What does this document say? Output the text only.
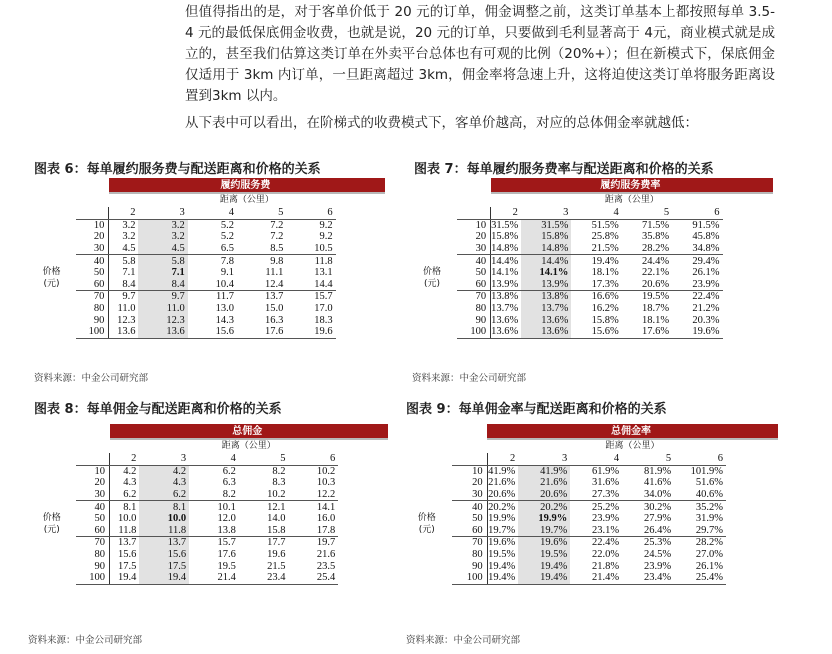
但值得指出的是，对于客单价低于 20 元的订单，佣金调整之前，这类订单基本上都按照每单 3.5-4 元的最低保底佣金收费，也就是说，20 元的订单，只要做到毛利显著高于 4元，商业模式就是成立的，甚至我们估算这类订单在外卖平台总体也有可观的比例（20%+）；但在新模式下，保底佣金仅适用于 3km 内订单，一旦距离超过 3km，佣金率将急速上升，这将迫使这类订单将服务距离设置到3km 以内。

从下表中可以看出，在阶梯式的收费模式下，客单价越高，对应的总体佣金率就越低：

图表 6：每单履约服务费与配送距离和价格的关系
		履约服务费				
		距离（公里）				
		2	3	4	5	6
	10	3.2	3.2	5.2	7.2	9.2
	20	3.2	3.2	5.2	7.2	9.2
	30	4.5	4.5	6.5	8.5	10.5
	40	5.8	5.8	7.8	9.8	11.8
价格	50	7.1	7.1	9.1	11.1	13.1
(元)	60	8.4	8.4	10.4	12.4	14.4
	70	9.7	9.7	11.7	13.7	15.7
	80	11.0	11.0	13.0	15.0	17.0
	90	12.3	12.3	14.3	16.3	18.3
	100	13.6	13.6	15.6	17.6	19.6
资料来源：中金公司研究部
图表 7：每单履约服务费率与配送距离和价格的关系
		履约服务费率				
		距离（公里）				
		2	3	4	5	6
	10	31.5%	31.5%	51.5%	71.5%	91.5%
	20	15.8%	15.8%	25.8%	35.8%	45.8%
	30	14.8%	14.8%	21.5%	28.2%	34.8%
	40	14.4%	14.4%	19.4%	24.4%	29.4%
价格	50	14.1%	14.1%	18.1%	22.1%	26.1%
(元)	60	13.9%	13.9%	17.3%	20.6%	23.9%
	70	13.8%	13.8%	16.6%	19.5%	22.4%
	80	13.7%	13.7%	16.2%	18.7%	21.2%
	90	13.6%	13.6%	15.8%	18.1%	20.3%
	100	13.6%	13.6%	15.6%	17.6%	19.6%
资料来源：中金公司研究部
图表 8：每单佣金与配送距离和价格的关系
		总佣金				
		距离（公里）				
		2	3	4	5	6
	10	4.2	4.2	6.2	8.2	10.2
	20	4.3	4.3	6.3	8.3	10.3
	30	6.2	6.2	8.2	10.2	12.2
	40	8.1	8.1	10.1	12.1	14.1
价格	50	10.0	10.0	12.0	14.0	16.0
(元)	60	11.8	11.8	13.8	15.8	17.8
	70	13.7	13.7	15.7	17.7	19.7
	80	15.6	15.6	17.6	19.6	21.6
	90	17.5	17.5	19.5	21.5	23.5
	100	19.4	19.4	21.4	23.4	25.4
资料来源：中金公司研究部
图表 9：每单佣金率与配送距离和价格的关系
		总佣金率				
		距离（公里）				
		2	3	4	5	6
	10	41.9%	41.9%	61.9%	81.9%	101.9%
	20	21.6%	21.6%	31.6%	41.6%	51.6%
	30	20.6%	20.6%	27.3%	34.0%	40.6%
	40	20.2%	20.2%	25.2%	30.2%	35.2%
价格	50	19.9%	19.9%	23.9%	27.9%	31.9%
(元)	60	19.7%	19.7%	23.1%	26.4%	29.7%
	70	19.6%	19.6%	22.4%	25.3%	28.2%
	80	19.5%	19.5%	22.0%	24.5%	27.0%
	90	19.4%	19.4%	21.8%	23.9%	26.1%
	100	19.4%	19.4%	21.4%	23.4%	25.4%
资料来源：中金公司研究部
